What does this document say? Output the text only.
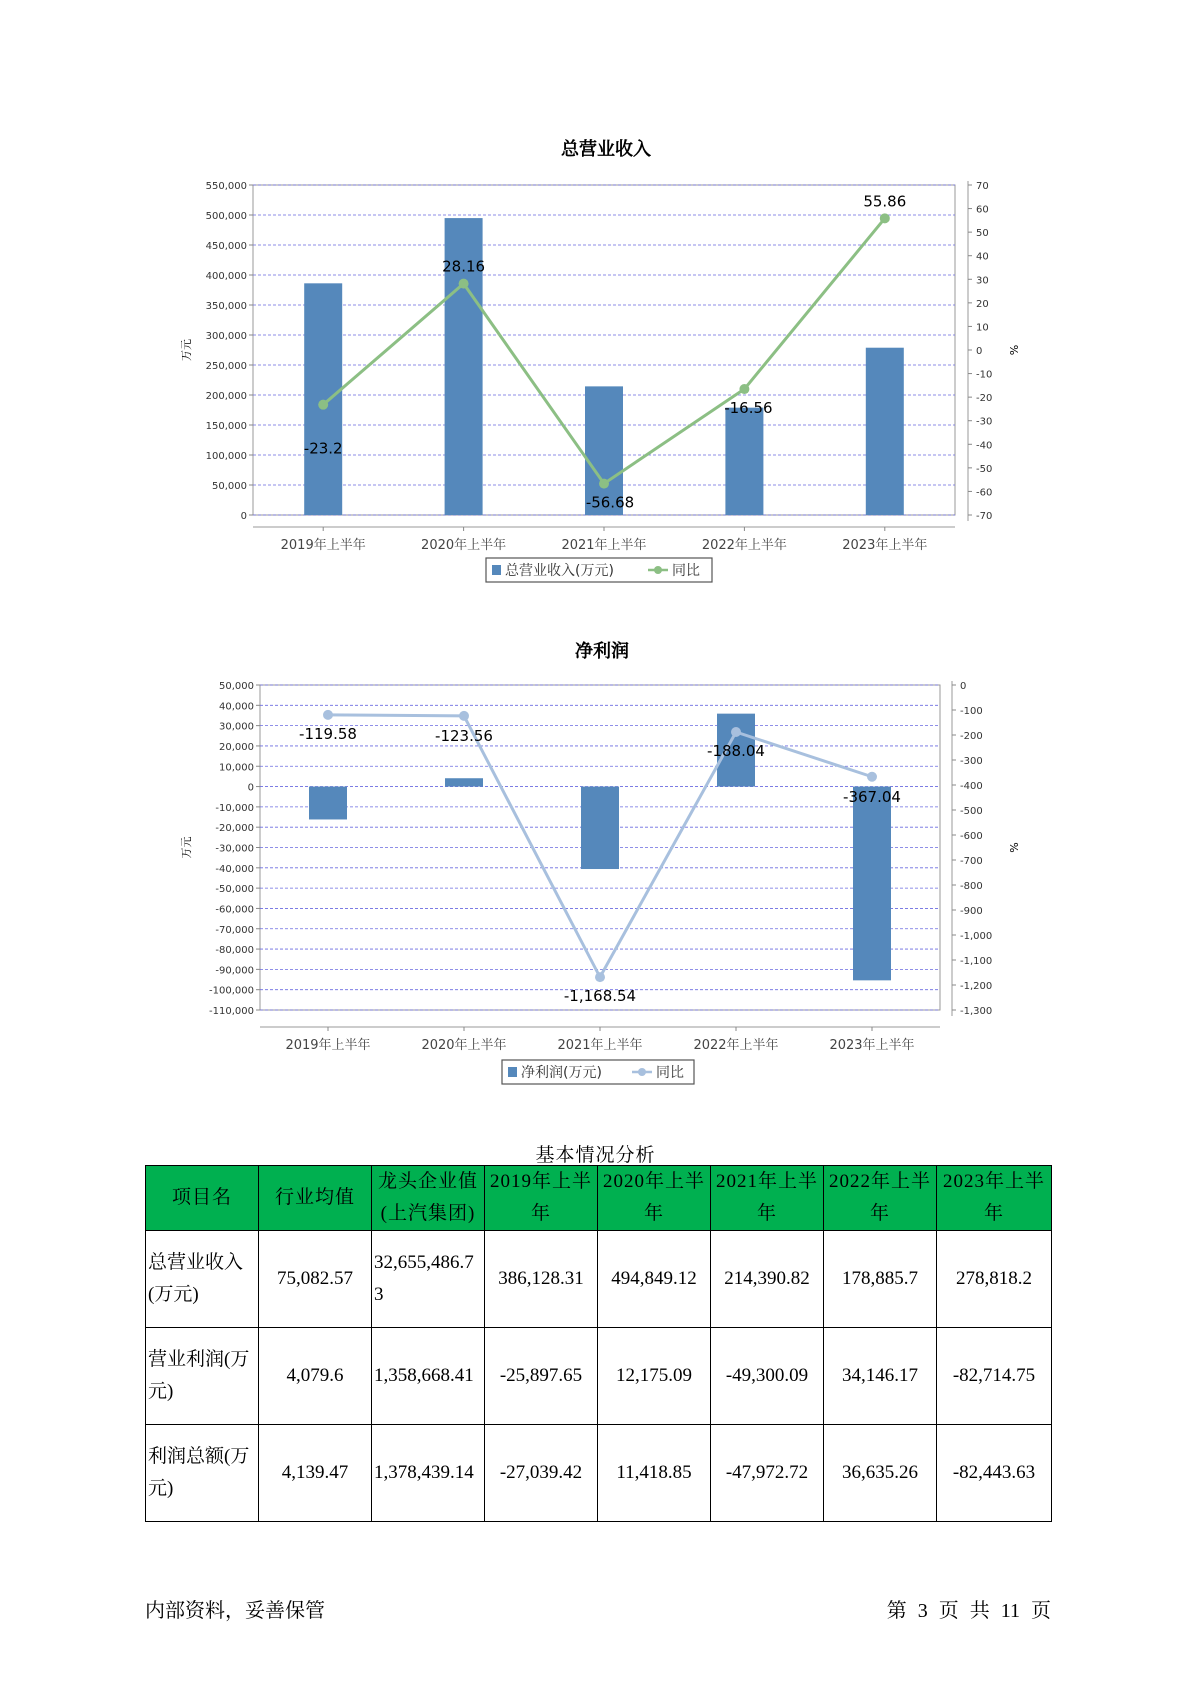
总营业收入
0
50,000
100,000
150,000
200,000
250,000
300,000
350,000
400,000
450,000
500,000
550,000	70
60
50
40
30
20
10
0
-10
-20
-30
-40
-50
-60
-70
万元	%
2019年上半年	2020年上半年	2021年上半年	2022年上半年	2023年上半年
-23.2
28.16
-56.68
-16.56
55.86
总营业收入(万元)	同比
净利润
50,000
40,000
30,000
20,000
10,000
0
-10,000
-20,000
-30,000
-40,000
-50,000
-60,000
-70,000
-80,000
-90,000
-100,000
-110,000
0
-100
-200
-300
-400
-500
-600
-700
-800
-900
-1,000
-1,100
-1,200
-1,300
万元	%
2019年上半年	2020年上半年	2021年上半年	2022年上半年	2023年上半年
-119.58	-123.56
-1,168.54
-188.04
-367.04
净利润(万元)	同比
基本情况分析
项目名	行业均值	龙头企业值(上汽集团)	2019年上半年	2020年上半年	2021年上半年	2022年上半年	2023年上半年
总营业收入(万元)	75,082.57	32,655,486.73	386,128.31	494,849.12	214,390.82	178,885.7	278,818.2
营业利润(万元)	4,079.6	1,358,668.41	-25,897.65	12,175.09	-49,300.09	34,146.17	-82,714.75
利润总额(万元)	4,139.47	1,378,439.14	-27,039.42	11,418.85	-47,972.72	36,635.26	-82,443.63
内部资料，妥善保管	第 3 页 共 11 页
